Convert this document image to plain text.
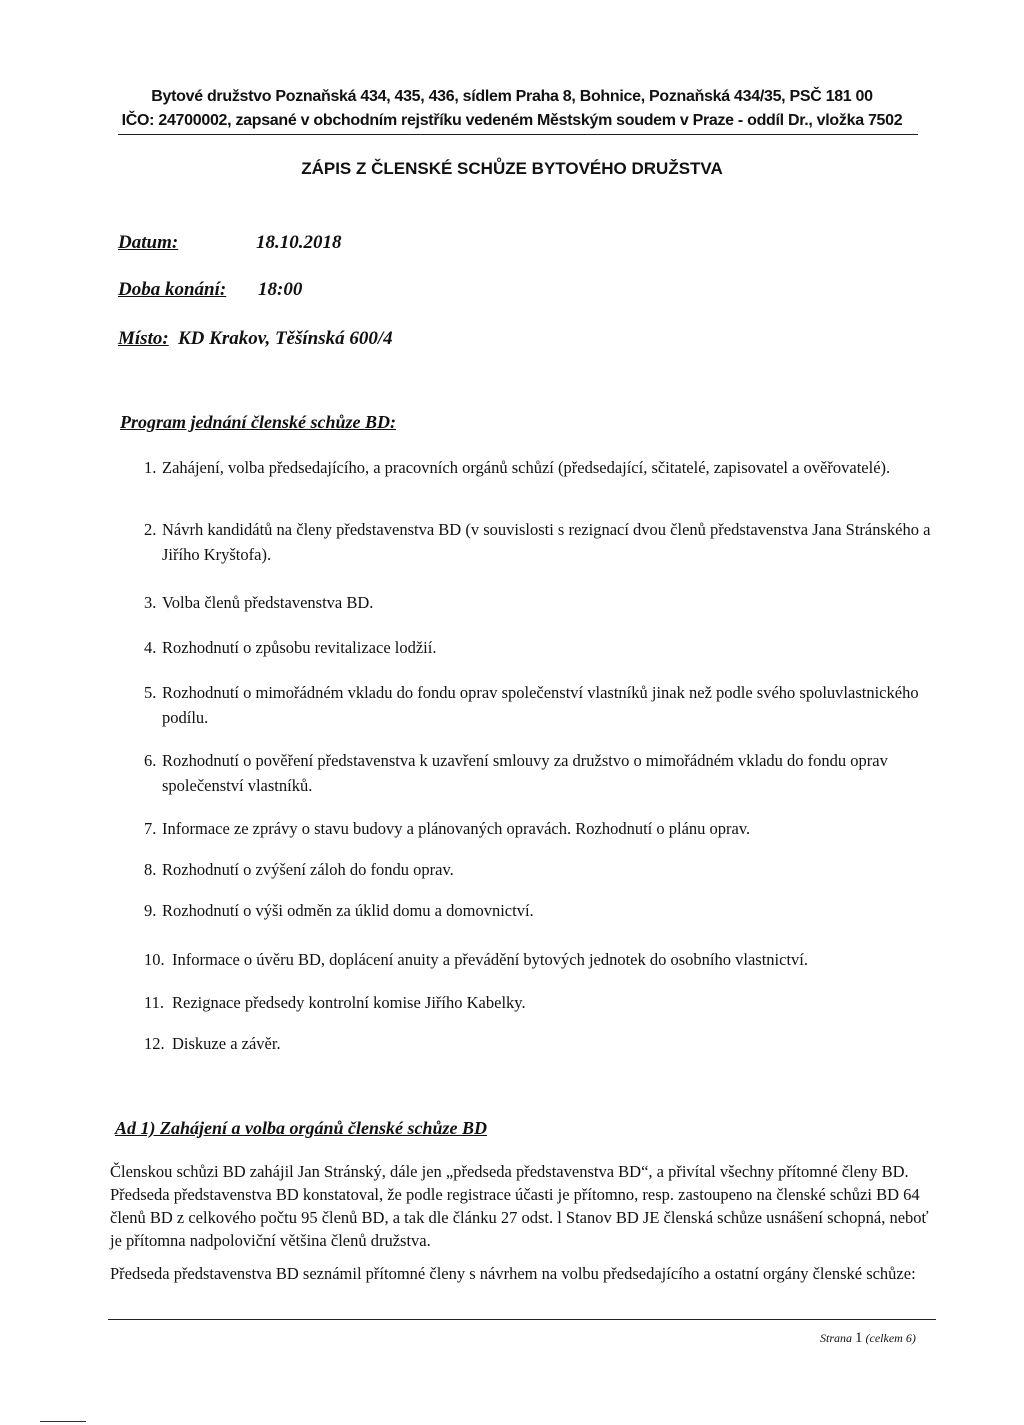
Bytové družstvo Poznaňská 434, 435, 436, sídlem Praha 8, Bohnice, Poznaňská 434/35, PSČ 181 00
IČO: 24700002, zapsané v obchodním rejstříku vedeném Městským soudem v Praze - oddíl Dr., vložka 7502
ZÁPIS Z ČLENSKÉ SCHŮZE BYTOVÉHO DRUŽSTVA
Datum:	18.10.2018
Doba konání: 18:00
Místo: KD Krakov, Těšínská 600/4
Program jednání členské schůze BD:
1. Zahájení, volba předsedajícího, a pracovních orgánů schůzí (předsedající, sčitatelé, zapisovatel a ověřovatelé).
2. Návrh kandidátů na členy představenstva BD (v souvislosti s rezignací dvou členů představenstva Jana Stránského a Jiřího Kryštofa).
3. Volba členů představenstva BD.
4. Rozhodnutí o způsobu revitalizace lodžií.
5. Rozhodnutí o mimořádném vkladu do fondu oprav společenství vlastníků jinak než podle svého spoluvlastnického podílu.
6. Rozhodnutí o pověření představenstva k uzavření smlouvy za družstvo o mimořádném vkladu do fondu oprav společenství vlastníků.
7. Informace ze zprávy o stavu budovy a plánovaných opravách. Rozhodnutí o plánu oprav.
8. Rozhodnutí o zvýšení záloh do fondu oprav.
9. Rozhodnutí o výši odměn za úklid domu a domovnictví.
10. Informace o úvěru BD, doplácení anuity a převádění bytových jednotek do osobního vlastnictví.
11. Rezignace předsedy kontrolní komise Jiřího Kabelky.
12. Diskuze a závěr.
Ad 1) Zahájení a volba orgánů členské schůze BD
Členskou schůzi BD zahájil Jan Stránský, dále jen „předseda představenstva BD“, a přivítal všechny přítomné členy BD. Předseda představenstva BD konstatoval, že podle registrace účasti je přítomno, resp. zastoupeno na členské schůzi BD 64 členů BD z celkového počtu 95 členů BD, a tak dle článku 27 odst. l Stanov BD JE členská schůze usnášení schopná, neboť je přítomna nadpoloviční většina členů družstva.
Předseda představenstva BD seznámil přítomné členy s návrhem na volbu předsedajícího a ostatní orgány členské schůze:
Strana 1 (celkem 6)
